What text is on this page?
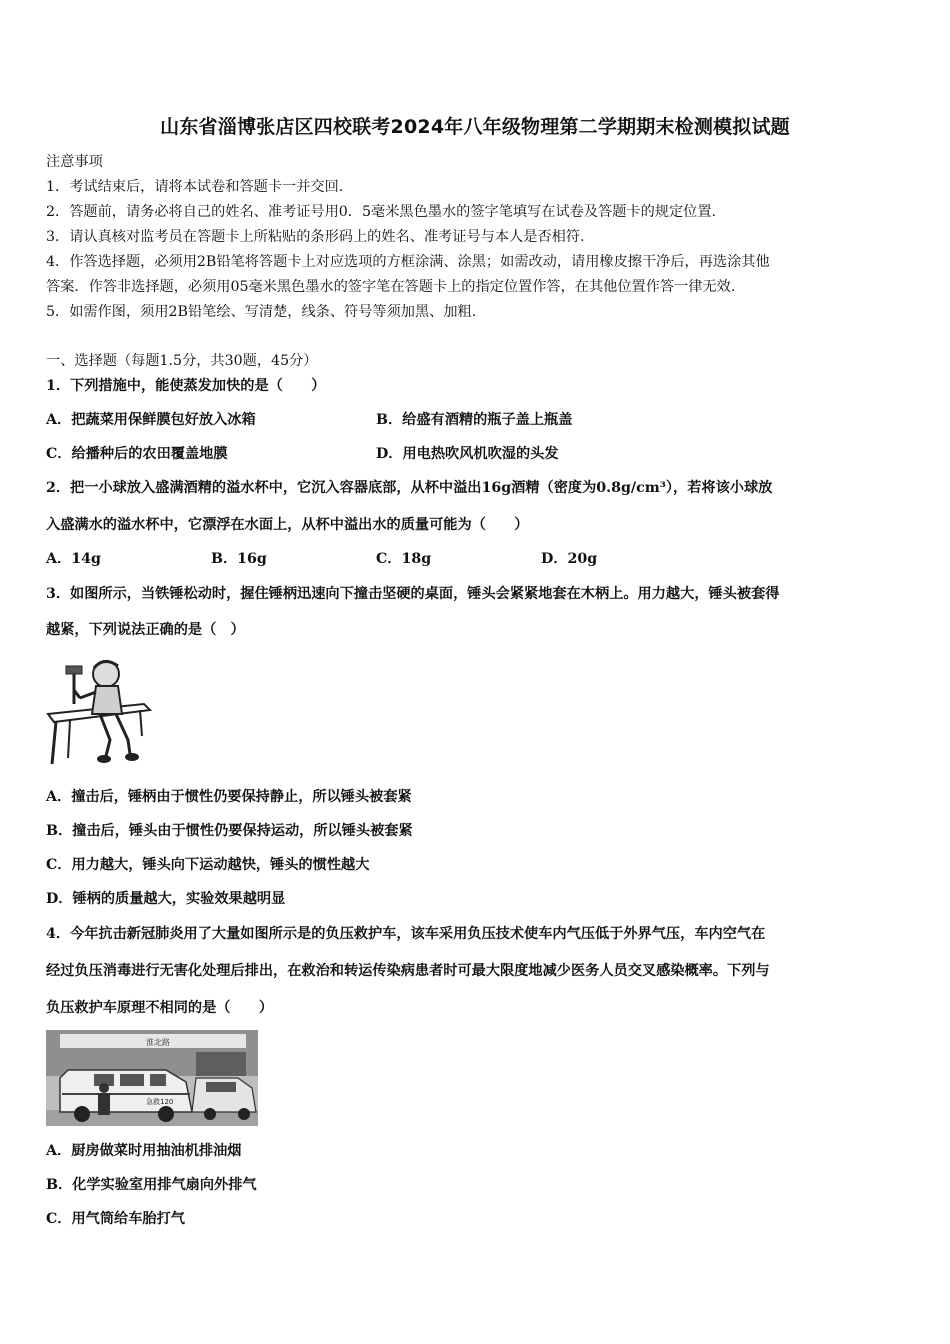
山东省淄博张店区四校联考2024年八年级物理第二学期期末检测模拟试题
注意事项
1．考试结束后，请将本试卷和答题卡一并交回.
2．答题前，请务必将自己的姓名、准考证号用0．5毫米黑色墨水的签字笔填写在试卷及答题卡的规定位置.
3．请认真核对监考员在答题卡上所粘贴的条形码上的姓名、准考证号与本人是否相符.
4．作答选择题，必须用2B铅笔将答题卡上对应选项的方框涂满、涂黑；如需改动，请用橡皮擦干净后，再选涂其他
答案．作答非选择题，必须用05毫米黑色墨水的签字笔在答题卡上的指定位置作答，在其他位置作答一律无效.
5．如需作图，须用2B铅笔绘、写清楚，线条、符号等须加黑、加粗.
一、选择题（每题1.5分，共30题，45分）
1．下列措施中，能使蒸发加快的是（　　）
A．把蔬菜用保鲜膜包好放入冰箱	B．给盛有酒精的瓶子盖上瓶盖
C．给播种后的农田覆盖地膜	D．用电热吹风机吹湿的头发
2．把一小球放入盛满酒精的溢水杯中，它沉入容器底部，从杯中溢出16g酒精（密度为0.8g/cm³），若将该小球放
入盛满水的溢水杯中，它漂浮在水面上，从杯中溢出水的质量可能为（　　）
A．14g	B．16g	C．18g	D．20g
3．如图所示，当铁锤松动时，握住锤柄迅速向下撞击坚硬的桌面，锤头会紧紧地套在木柄上。用力越大，锤头被套得
越紧，下列说法正确的是（　）
A．撞击后，锤柄由于惯性仍要保持静止，所以锤头被套紧
B．撞击后，锤头由于惯性仍要保持运动，所以锤头被套紧
C．用力越大，锤头向下运动越快，锤头的惯性越大
D．锤柄的质量越大，实验效果越明显
4．今年抗击新冠肺炎用了大量如图所示是的负压救护车，该车采用负压技术使车内气压低于外界气压，车内空气在
经过负压消毒进行无害化处理后排出，在救治和转运传染病患者时可最大限度地减少医务人员交叉感染概率。下列与
负压救护车原理不相同的是（　　）
淮北路
急救120
A．厨房做菜时用抽油机排油烟
B．化学实验室用排气扇向外排气
C．用气筒给车胎打气
